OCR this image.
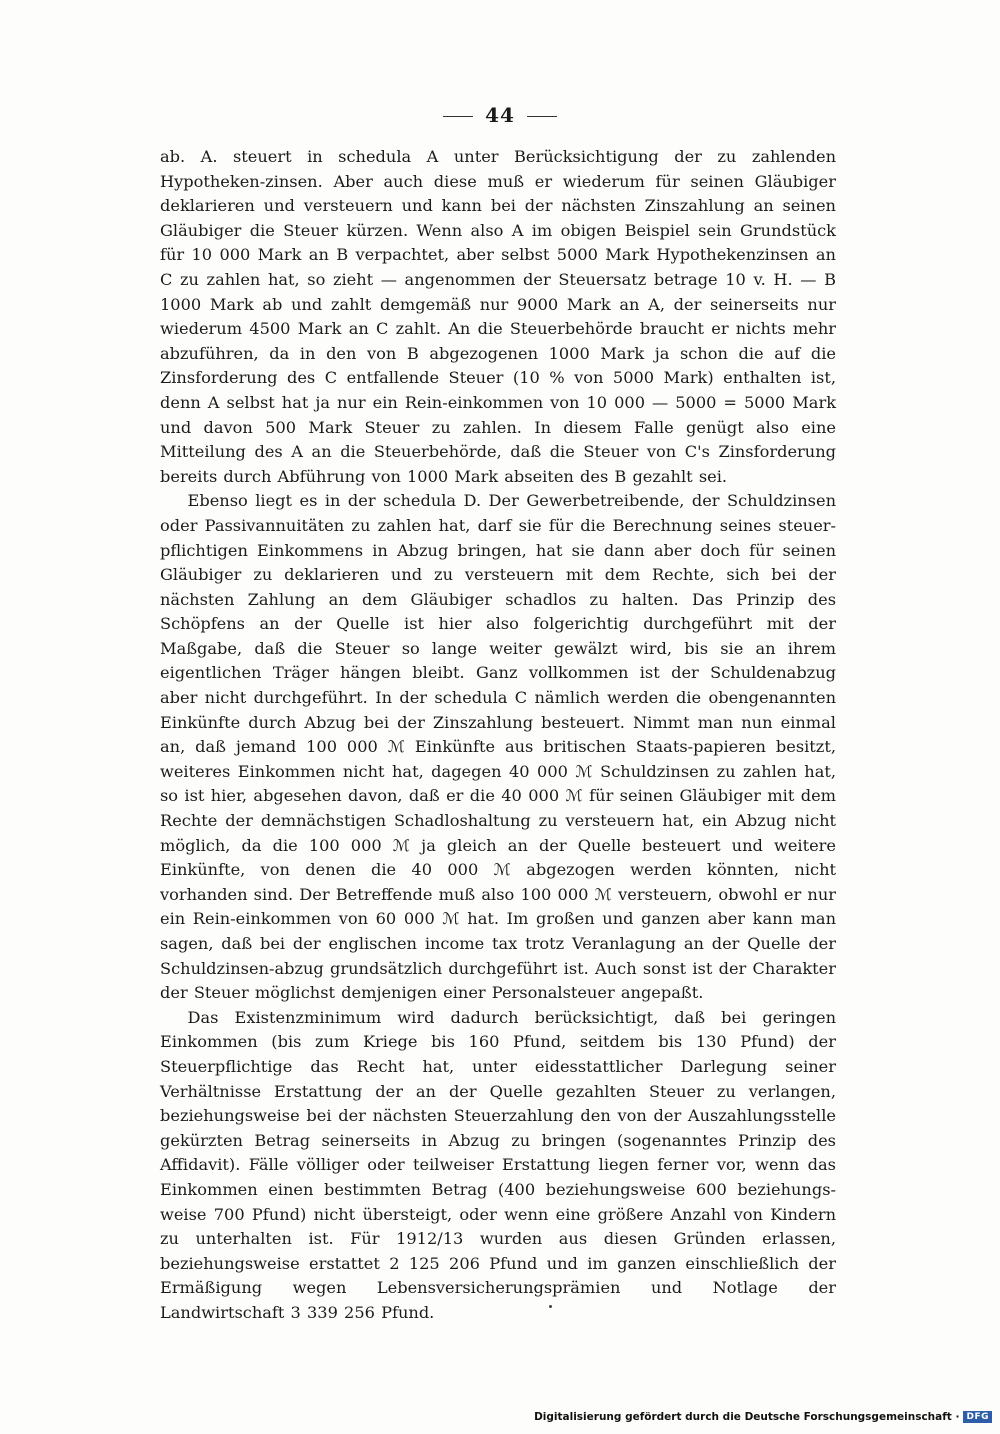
44

ab. A. steuert in schedula A unter Berücksichtigung der zu zahlenden Hypotheken-zinsen. Aber auch diese muß er wiederum für seinen Gläubiger deklarieren und versteuern und kann bei der nächsten Zinszahlung an seinen Gläubiger die Steuer kürzen. Wenn also A im obigen Beispiel sein Grundstück für 10 000 Mark an B verpachtet, aber selbst 5000 Mark Hypothekenzinsen an C zu zahlen hat, so zieht — angenommen der Steuersatz betrage 10 v. H. — B 1000 Mark ab und zahlt demgemäß nur 9000 Mark an A, der seinerseits nur wiederum 4500 Mark an C zahlt. An die Steuerbehörde braucht er nichts mehr abzuführen, da in den von B abgezogenen 1000 Mark ja schon die auf die Zinsforderung des C entfallende Steuer (10 % von 5000 Mark) enthalten ist, denn A selbst hat ja nur ein Rein-einkommen von 10 000 — 5000 = 5000 Mark und davon 500 Mark Steuer zu zahlen. In diesem Falle genügt also eine Mitteilung des A an die Steuerbehörde, daß die Steuer von C's Zinsforderung bereits durch Abführung von 1000 Mark abseiten des B gezahlt sei.

Ebenso liegt es in der schedula D. Der Gewerbetreibende, der Schuldzinsen oder Passivannuitäten zu zahlen hat, darf sie für die Berechnung seines steuer-pflichtigen Einkommens in Abzug bringen, hat sie dann aber doch für seinen Gläubiger zu deklarieren und zu versteuern mit dem Rechte, sich bei der nächsten Zahlung an dem Gläubiger schadlos zu halten. Das Prinzip des Schöpfens an der Quelle ist hier also folgerichtig durchgeführt mit der Maßgabe, daß die Steuer so lange weiter gewälzt wird, bis sie an ihrem eigentlichen Träger hängen bleibt. Ganz vollkommen ist der Schuldenabzug aber nicht durchgeführt. In der schedula C nämlich werden die obengenannten Einkünfte durch Abzug bei der Zinszahlung besteuert. Nimmt man nun einmal an, daß jemand 100 000 ℳ Einkünfte aus britischen Staats-papieren besitzt, weiteres Einkommen nicht hat, dagegen 40 000 ℳ Schuldzinsen zu zahlen hat, so ist hier, abgesehen davon, daß er die 40 000 ℳ für seinen Gläubiger mit dem Rechte der demnächstigen Schadloshaltung zu versteuern hat, ein Abzug nicht möglich, da die 100 000 ℳ ja gleich an der Quelle besteuert und weitere Einkünfte, von denen die 40 000 ℳ abgezogen werden könnten, nicht vorhanden sind. Der Betreffende muß also 100 000 ℳ versteuern, obwohl er nur ein Rein-einkommen von 60 000 ℳ hat. Im großen und ganzen aber kann man sagen, daß bei der englischen income tax trotz Veranlagung an der Quelle der Schuldzinsen-abzug grundsätzlich durchgeführt ist. Auch sonst ist der Charakter der Steuer möglichst demjenigen einer Personalsteuer angepaßt.

Das Existenzminimum wird dadurch berücksichtigt, daß bei geringen Einkommen (bis zum Kriege bis 160 Pfund, seitdem bis 130 Pfund) der Steuerpflichtige das Recht hat, unter eidesstattlicher Darlegung seiner Verhältnisse Erstattung der an der Quelle gezahlten Steuer zu verlangen, beziehungsweise bei der nächsten Steuerzahlung den von der Auszahlungsstelle gekürzten Betrag seinerseits in Abzug zu bringen (sogenanntes Prinzip des Affidavit). Fälle völliger oder teilweiser Erstattung liegen ferner vor, wenn das Einkommen einen bestimmten Betrag (400 beziehungsweise 600 beziehungs-weise 700 Pfund) nicht übersteigt, oder wenn eine größere Anzahl von Kindern zu unterhalten ist. Für 1912/13 wurden aus diesen Gründen erlassen, beziehungsweise erstattet 2 125 206 Pfund und im ganzen einschließlich der Ermäßigung wegen Lebensversicherungsprämien und Notlage der Landwirtschaft 3 339 256 Pfund.

Digitalisierung gefördert durch die Deutsche Forschungsgemeinschaft · DFG
